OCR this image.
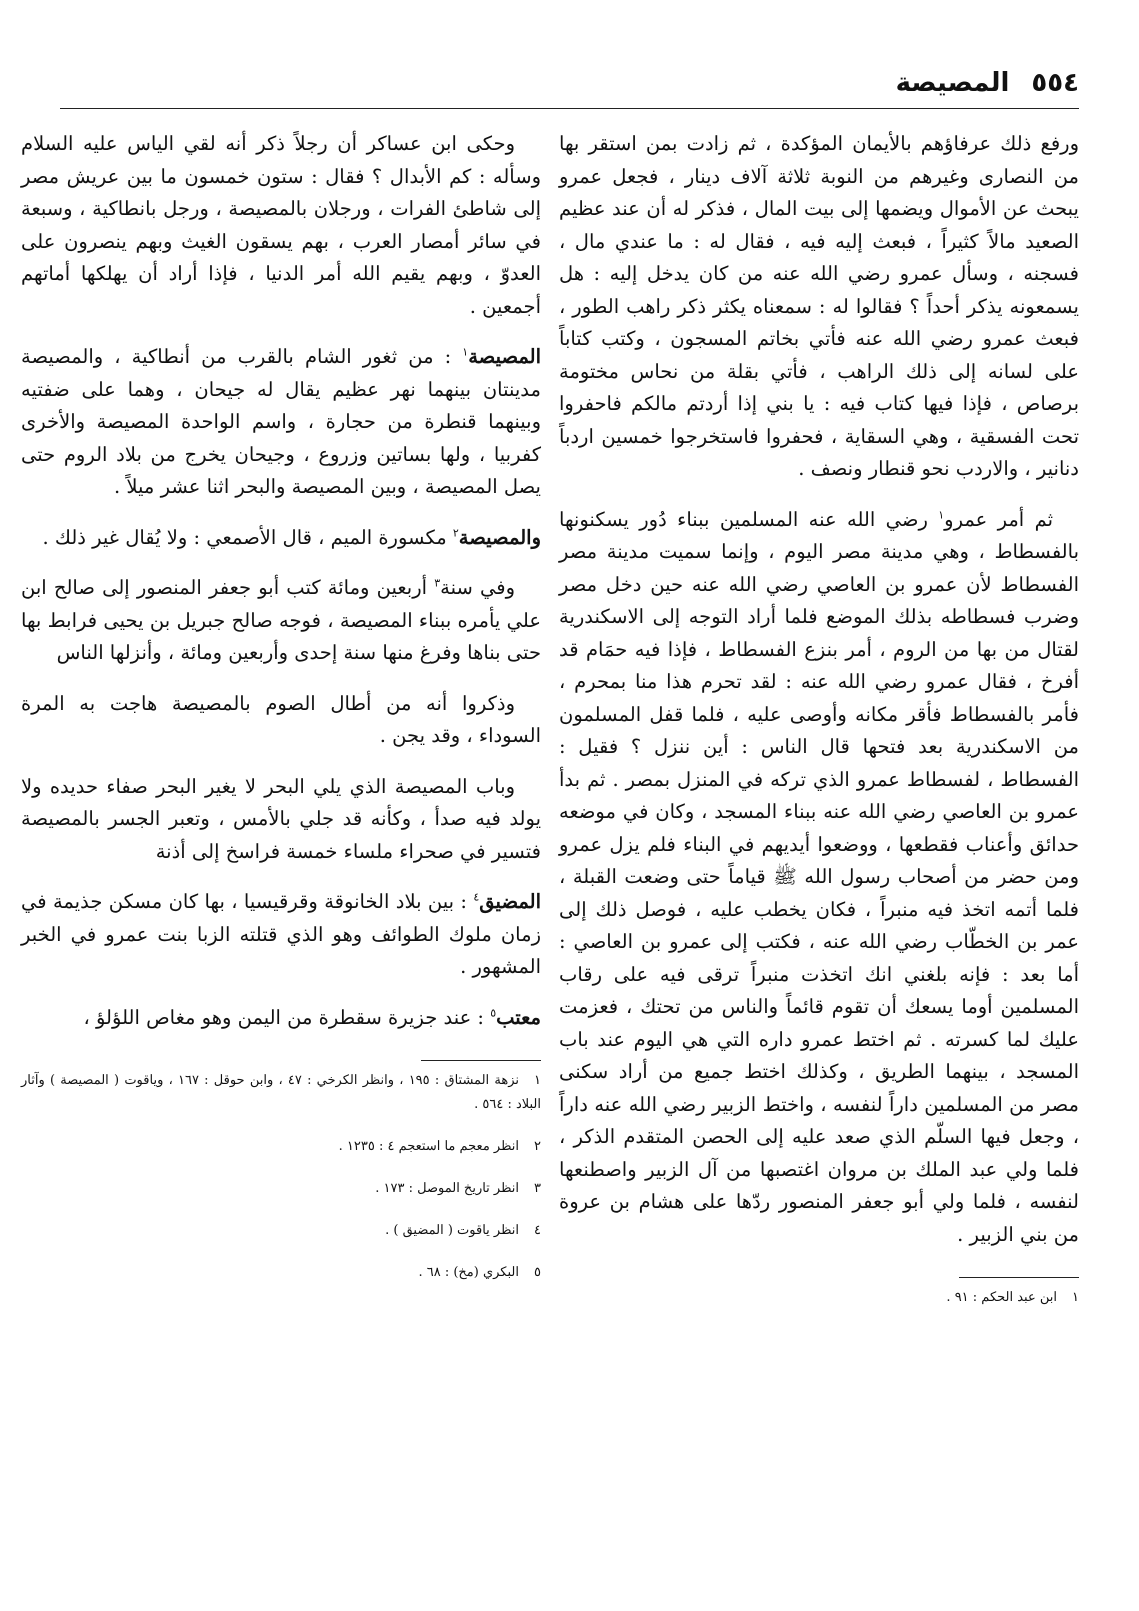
٥٥٤
المصيصة

ورفع ذلك عرفاؤهم بالأيمان المؤكدة ، ثم زادت بمن استقر بها من النصارى وغيرهم من النوبة ثلاثة آلاف دينار ، فجعل عمرو يبحث عن الأموال ويضمها إلى بيت المال ، فذكر له أن عند عظيم الصعيد مالاً كثيراً ، فبعث إليه فيه ، فقال له : ما عندي مال ، فسجنه ، وسأل عمرو رضي الله عنه من كان يدخل إليه : هل يسمعونه يذكر أحداً ؟ فقالوا له : سمعناه يكثر ذكر راهب الطور ، فبعث عمرو رضي الله عنه فأتي بخاتم المسجون ، وكتب كتاباً على لسانه إلى ذلك الراهب ، فأتي بقلة من نحاس مختومة برصاص ، فإذا فيها كتاب فيه : يا بني إذا أردتم مالكم فاحفروا تحت الفسقية ، وهي السقاية ، فحفروا فاستخرجوا خمسين اردباً دنانير ، والاردب نحو قنطار ونصف .

ثم أمر عمرو$^١$ رضي الله عنه المسلمين ببناء دُور يسكنونها بالفسطاط ، وهي مدينة مصر اليوم ، وإنما سميت مدينة مصر الفسطاط لأن عمرو بن العاصي رضي الله عنه حين دخل مصر وضرب فسطاطه بذلك الموضع فلما أراد التوجه إلى الاسكندرية لقتال من بها من الروم ، أمر بنزع الفسطاط ، فإذا فيه حمَام قد أفرخ ، فقال عمرو رضي الله عنه : لقد تحرم هذا منا بمحرم ، فأمر بالفسطاط فأقر مكانه وأوصى عليه ، فلما قفل المسلمون من الاسكندرية بعد فتحها قال الناس : أين ننزل ؟ فقيل : الفسطاط ، لفسطاط عمرو الذي تركه في المنزل بمصر . ثم بدأ عمرو بن العاصي رضي الله عنه ببناء المسجد ، وكان في موضعه حدائق وأعناب فقطعها ، ووضعوا أيديهم في البناء فلم يزل عمرو ومن حضر من أصحاب رسول الله ﷺ قياماً حتى وضعت القبلة ، فلما أتمه اتخذ فيه منبراً ، فكان يخطب عليه ، فوصل ذلك إلى عمر بن الخطّاب رضي الله عنه ، فكتب إلى عمرو بن العاصي : أما بعد : فإنه بلغني انك اتخذت منبراً ترقى فيه على رقاب المسلمين أوما يسعك أن تقوم قائماً والناس من تحتك ، فعزمت عليك لما كسرته . ثم اختط عمرو داره التي هي اليوم عند باب المسجد ، بينهما الطريق ، وكذلك اختط جميع من أراد سكنى مصر من المسلمين داراً لنفسه ، واختط الزبير رضي الله عنه داراً ، وجعل فيها السلّم الذي صعد عليه إلى الحصن المتقدم الذكر ، فلما ولي عبد الملك بن مروان اغتصبها من آل الزبير واصطنعها لنفسه ، فلما ولي أبو جعفر المنصور ردّها على هشام بن عروة من بني الزبير .

١ابن عبد الحكم : ٩١ .

وحكى ابن عساكر أن رجلاً ذكر أنه لقي الياس عليه السلام وسأله : كم الأبدال ؟ فقال : ستون خمسون ما بين عريش مصر إلى شاطئ الفرات ، ورجلان بالمصيصة ، ورجل بانطاكية ، وسبعة في سائر أمصار العرب ، بهم يسقون الغيث وبهم ينصرون على العدوّ ، وبهم يقيم الله أمر الدنيا ، فإذا أراد أن يهلكها أماتهم أجمعين .

المصيصة$^١$ : من ثغور الشام بالقرب من أنطاكية ، والمصيصة مدينتان بينهما نهر عظيم يقال له جيحان ، وهما على ضفتيه وبينهما قنطرة من حجارة ، واسم الواحدة المصيصة والأخرى كفربيا ، ولها بساتين وزروع ، وجيحان يخرج من بلاد الروم حتى يصل المصيصة ، وبين المصيصة والبحر اثنا عشر ميلاً .

والمصيصة$^٢$ مكسورة الميم ، قال الأصمعي : ولا يُقال غير ذلك .

وفي سنة$^٣$ أربعين ومائة كتب أبو جعفر المنصور إلى صالح ابن علي يأمره ببناء المصيصة ، فوجه صالح جبريل بن يحيى فرابط بها حتى بناها وفرغ منها سنة إحدى وأربعين ومائة ، وأنزلها الناس

وذكروا أنه من أطال الصوم بالمصيصة هاجت به المرة السوداء ، وقد يجن .

وباب المصيصة الذي يلي البحر لا يغير البحر صفاء حديده ولا يولد فيه صدأ ، وكأنه قد جلي بالأمس ، وتعبر الجسر بالمصيصة فتسير في صحراء ملساء خمسة فراسخ إلى أذنة

المضيق$^٤$ : بين بلاد الخانوقة وقرقيسيا ، بها كان مسكن جذيمة في زمان ملوك الطوائف وهو الذي قتلته الزبا بنت عمرو في الخبر المشهور .

معتب$^٥$ : عند جزيرة سقطرة من اليمن وهو مغاص اللؤلؤ ،

١نزهة المشتاق : ١٩٥ ، وانظر الكرخي : ٤٧ ، وابن حوقل : ١٦٧ ، وياقوت ( المصيصة ) وآثار البلاد : ٥٦٤ .

٢انظر معجم ما استعجم ٤ : ١٢٣٥ .

٣انظر تاريخ الموصل : ١٧٣ .

٤انظر ياقوت ( المضيق ) .

٥البكري (مخ) : ٦٨ .
